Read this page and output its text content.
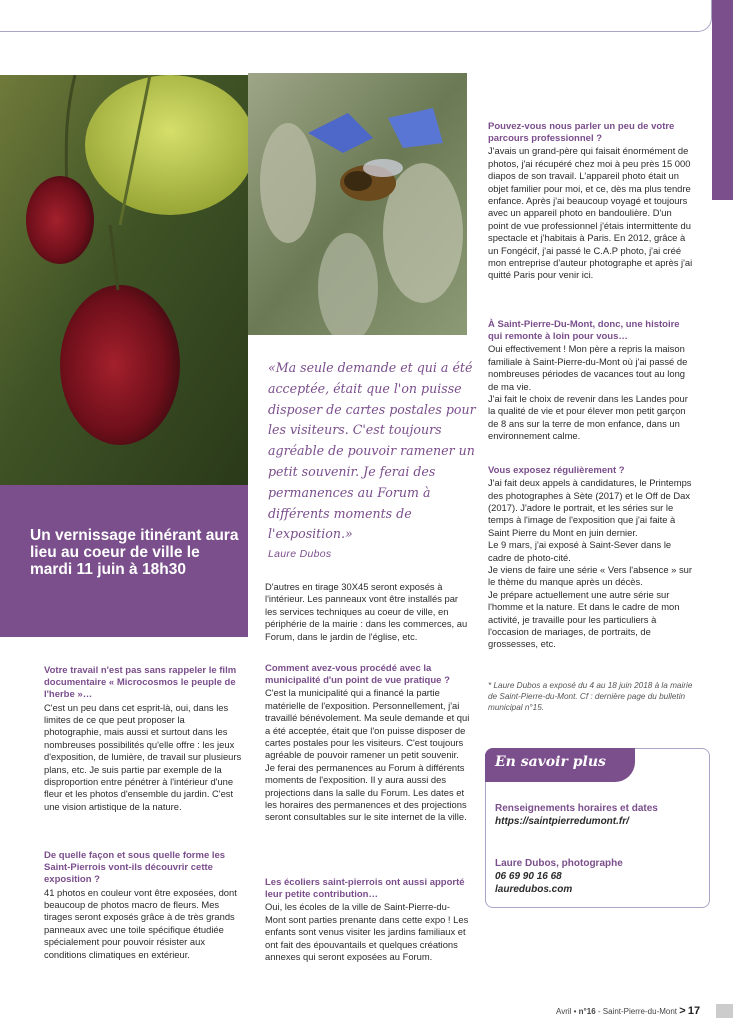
Un vernissage itinérant aura lieu au coeur de ville le mardi 11 juin à 18h30
«Ma seule demande et qui a été acceptée, était que l'on puisse disposer de cartes postales pour les visiteurs. C'est toujours agréable de pouvoir ramener un petit souvenir. Je ferai des permanences au Forum à différents moments de l'exposition.»
Laure Dubos
Votre travail n'est pas sans rappeler le film documentaire « Microcosmos le peuple de l'herbe »…

C'est un peu dans cet esprit-là, oui, dans les limites de ce que peut proposer la photographie, mais aussi et surtout dans les nombreuses possibilités qu'elle offre : les jeux d'exposition, de lumière, de travail sur plusieurs plans, etc. Je suis partie par exemple de la disproportion entre pénétrer à l'intérieur d'une fleur et les photos d'ensemble du jardin. C'est une vision artistique de la nature.

De quelle façon et sous quelle forme les Saint-Pierrois vont-ils découvrir cette exposition ?

41 photos en couleur vont être exposées, dont beaucoup de photos macro de fleurs. Mes tirages seront exposés grâce à de très grands panneaux avec une toile spécifique étudiée spécialement pour pouvoir résister aux conditions climatiques en extérieur.

D'autres en tirage 30X45 seront exposés à l'intérieur. Les panneaux vont être installés par les services techniques au coeur de ville, en périphérie de la mairie : dans les commerces, au Forum, dans le jardin de l'église, etc.

Comment avez-vous procédé avec la municipalité d'un point de vue pratique ?

C'est la municipalité qui a financé la partie matérielle de l'exposition. Personnellement, j'ai travaillé bénévolement. Ma seule demande et qui a été acceptée, était que l'on puisse disposer de cartes postales pour les visiteurs. C'est toujours agréable de pouvoir ramener un petit souvenir. Je ferai des permanences au Forum à différents moments de l'exposition. Il y aura aussi des projections dans la salle du Forum. Les dates et les horaires des permanences et des projections seront consultables sur le site internet de la ville.

Les écoliers saint-pierrois ont aussi apporté leur petite contribution…

Oui, les écoles de la ville de Saint-Pierre-du-Mont sont parties prenante dans cette expo ! Les enfants sont venus visiter les jardins familiaux et ont fait des épouvantails et quelques créations annexes qui seront exposées au Forum.

Pouvez-vous nous parler un peu de votre parcours professionnel ?

J'avais un grand-père qui faisait énormément de photos, j'ai récupéré chez moi à peu près 15 000 diapos de son travail. L'appareil photo était un objet familier pour moi, et ce, dès ma plus tendre enfance. Après j'ai beaucoup voyagé et toujours avec un appareil photo en bandoulière. D'un point de vue professionnel j'étais intermittente du spectacle et j'habitais à Paris. En 2012, grâce à un Fongécif, j'ai passé le C.A.P photo, j'ai créé mon entreprise d'auteur photographe et après j'ai quitté Paris pour venir ici.

À Saint-Pierre-Du-Mont, donc, une histoire qui remonte à loin pour vous…

Oui effectivement ! Mon père a repris la maison familiale à Saint-Pierre-du-Mont où j'ai passé de nombreuses périodes de vacances tout au long de ma vie.

J'ai fait le choix de revenir dans les Landes pour la qualité de vie et pour élever mon petit garçon de 8 ans sur la terre de mon enfance, dans un environnement calme.

Vous exposez régulièrement ?

J'ai fait deux appels à candidatures, le Printemps des photographes à Sète (2017) et le Off de Dax (2017). J'adore le portrait, et les séries sur le temps à l'image de l'exposition que j'ai faite à Saint Pierre du Mont en juin dernier.

Le 9 mars, j'ai exposé à Saint-Sever dans le cadre de photo-cité.

Je viens de faire une série « Vers l'absence » sur le thème du manque après un décès.

Je prépare actuellement une autre série sur l'homme et la nature. Et dans le cadre de mon activité, je travaille pour les particuliers à l'occasion de mariages, de portraits, de grossesses, etc.

* Laure Dubos a exposé du 4 au 18 juin 2018 à la mairie de Saint-Pierre-du-Mont. Cf : dernière page du bulletin municipal n°15.
En savoir plus
Renseignements horaires et dates
https://saintpierredumont.fr/
Laure Dubos, photographe
06 69 90 16 68
lauredubos.com
Avril • n°16 - Saint-Pierre-du-Mont > 17
